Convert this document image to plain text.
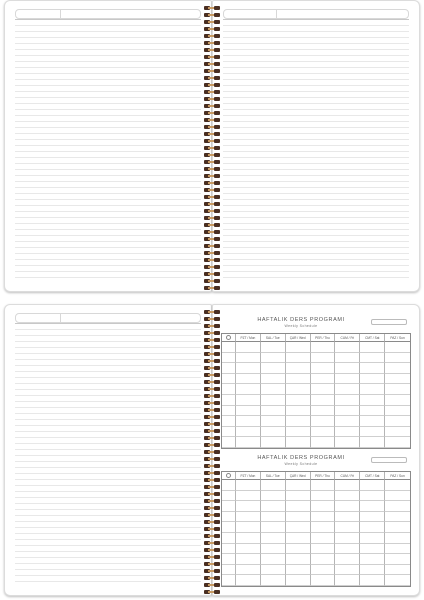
HAFTALIK DERS PROGRAMI
Weekly Schedule
PZT / Mon	SAL / Tue	ÇAR / Wed	PER / Thu	CUM / Fri	CMT / Sat	PAZ / Sun
HAFTALIK DERS PROGRAMI
Weekly Schedule
PZT / Mon	SAL / Tue	ÇAR / Wed	PER / Thu	CUM / Fri	CMT / Sat	PAZ / Sun
